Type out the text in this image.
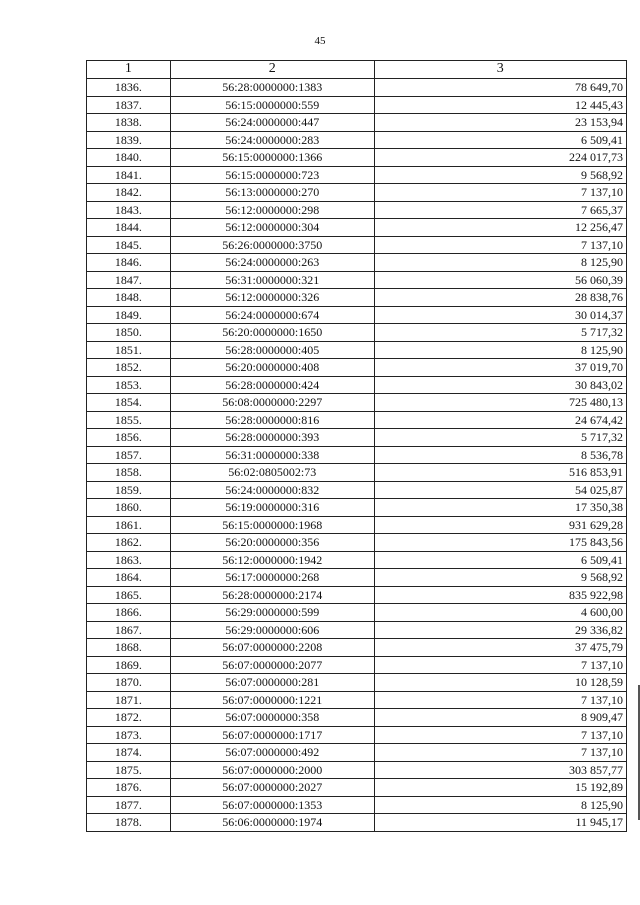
45
1	2	3
1836.	56:28:0000000:1383	78 649,70
1837.	56:15:0000000:559	12 445,43
1838.	56:24:0000000:447	23 153,94
1839.	56:24:0000000:283	6 509,41
1840.	56:15:0000000:1366	224 017,73
1841.	56:15:0000000:723	9 568,92
1842.	56:13:0000000:270	7 137,10
1843.	56:12:0000000:298	7 665,37
1844.	56:12:0000000:304	12 256,47
1845.	56:26:0000000:3750	7 137,10
1846.	56:24:0000000:263	8 125,90
1847.	56:31:0000000:321	56 060,39
1848.	56:12:0000000:326	28 838,76
1849.	56:24:0000000:674	30 014,37
1850.	56:20:0000000:1650	5 717,32
1851.	56:28:0000000:405	8 125,90
1852.	56:20:0000000:408	37 019,70
1853.	56:28:0000000:424	30 843,02
1854.	56:08:0000000:2297	725 480,13
1855.	56:28:0000000:816	24 674,42
1856.	56:28:0000000:393	5 717,32
1857.	56:31:0000000:338	8 536,78
1858.	56:02:0805002:73	516 853,91
1859.	56:24:0000000:832	54 025,87
1860.	56:19:0000000:316	17 350,38
1861.	56:15:0000000:1968	931 629,28
1862.	56:20:0000000:356	175 843,56
1863.	56:12:0000000:1942	6 509,41
1864.	56:17:0000000:268	9 568,92
1865.	56:28:0000000:2174	835 922,98
1866.	56:29:0000000:599	4 600,00
1867.	56:29:0000000:606	29 336,82
1868.	56:07:0000000:2208	37 475,79
1869.	56:07:0000000:2077	7 137,10
1870.	56:07:0000000:281	10 128,59
1871.	56:07:0000000:1221	7 137,10
1872.	56:07:0000000:358	8 909,47
1873.	56:07:0000000:1717	7 137,10
1874.	56:07:0000000:492	7 137,10
1875.	56:07:0000000:2000	303 857,77
1876.	56:07:0000000:2027	15 192,89
1877.	56:07:0000000:1353	8 125,90
1878.	56:06:0000000:1974	11 945,17
